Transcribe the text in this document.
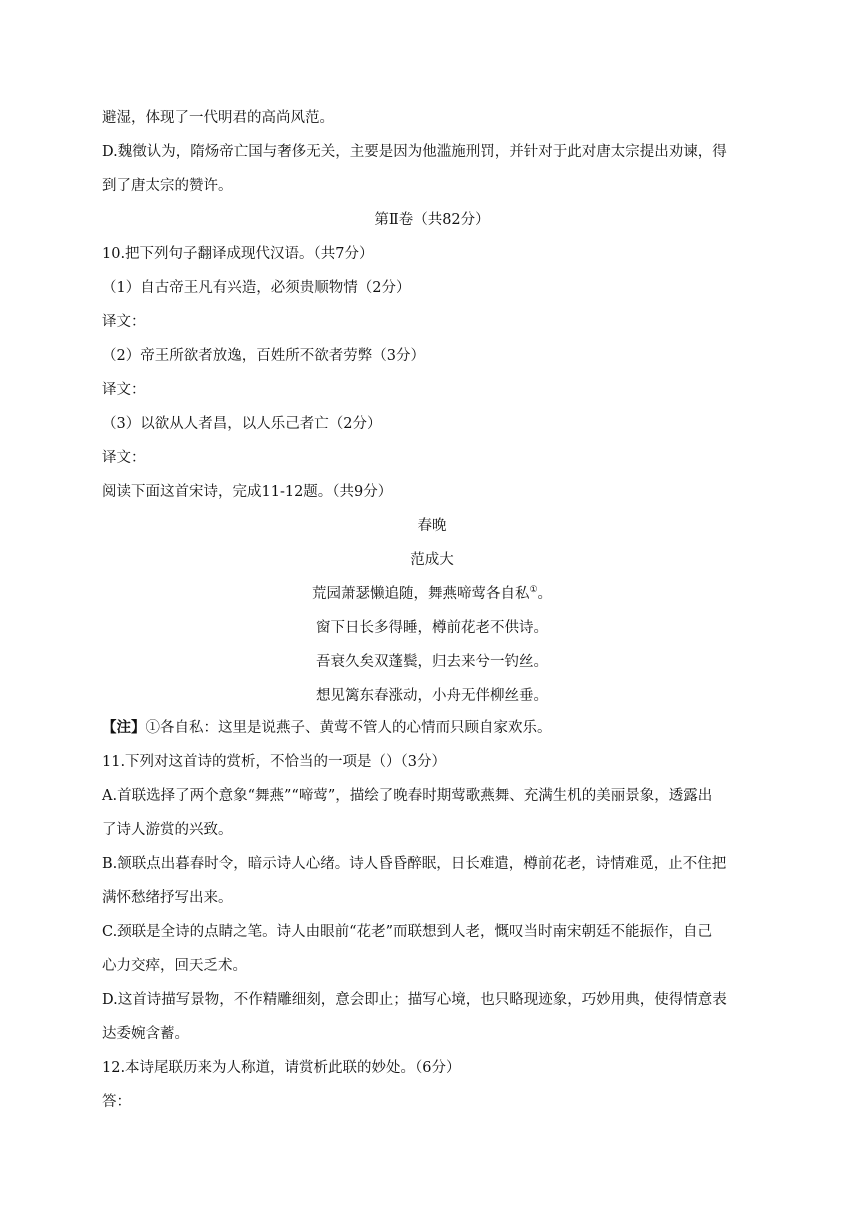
避湿，体现了一代明君的高尚风范。
D.魏徵认为，隋炀帝亡国与奢侈无关，主要是因为他滥施刑罚，并针对于此对唐太宗提出劝谏，得
到了唐太宗的赞许。
第Ⅱ卷（共82分）
10.把下列句子翻译成现代汉语。（共7分）
（1）自古帝王凡有兴造，必须贵顺物情（2分）
译文：
（2）帝王所欲者放逸，百姓所不欲者劳弊（3分）
译文：
（3）以欲从人者昌，以人乐己者亡（2分）
译文：
阅读下面这首宋诗，完成11-12题。（共9分）
春晚
范成大
荒园萧瑟懒追随，舞燕啼莺各自私①。
窗下日长多得睡，樽前花老不供诗。
吾衰久矣双蓬鬓，归去来兮一钓丝。
想见篱东春涨动，小舟无伴柳丝垂。
【注】①各自私：这里是说燕子、黄莺不管人的心情而只顾自家欢乐。
11.下列对这首诗的赏析，不恰当的一项是（）（3分）
A.首联选择了两个意象“舞燕”“啼莺”，描绘了晚春时期莺歌燕舞、充满生机的美丽景象，透露出
了诗人游赏的兴致。
B.颔联点出暮春时令，暗示诗人心绪。诗人昏昏醉眠，日长难遣，樽前花老，诗情难觅，止不住把
满怀愁绪抒写出来。
C.颈联是全诗的点睛之笔。诗人由眼前“花老”而联想到人老，慨叹当时南宋朝廷不能振作，自己
心力交瘁，回天乏术。
D.这首诗描写景物，不作精雕细刻，意会即止；描写心境，也只略现迹象，巧妙用典，使得情意表
达委婉含蓄。
12.本诗尾联历来为人称道，请赏析此联的妙处。（6分）
答：
